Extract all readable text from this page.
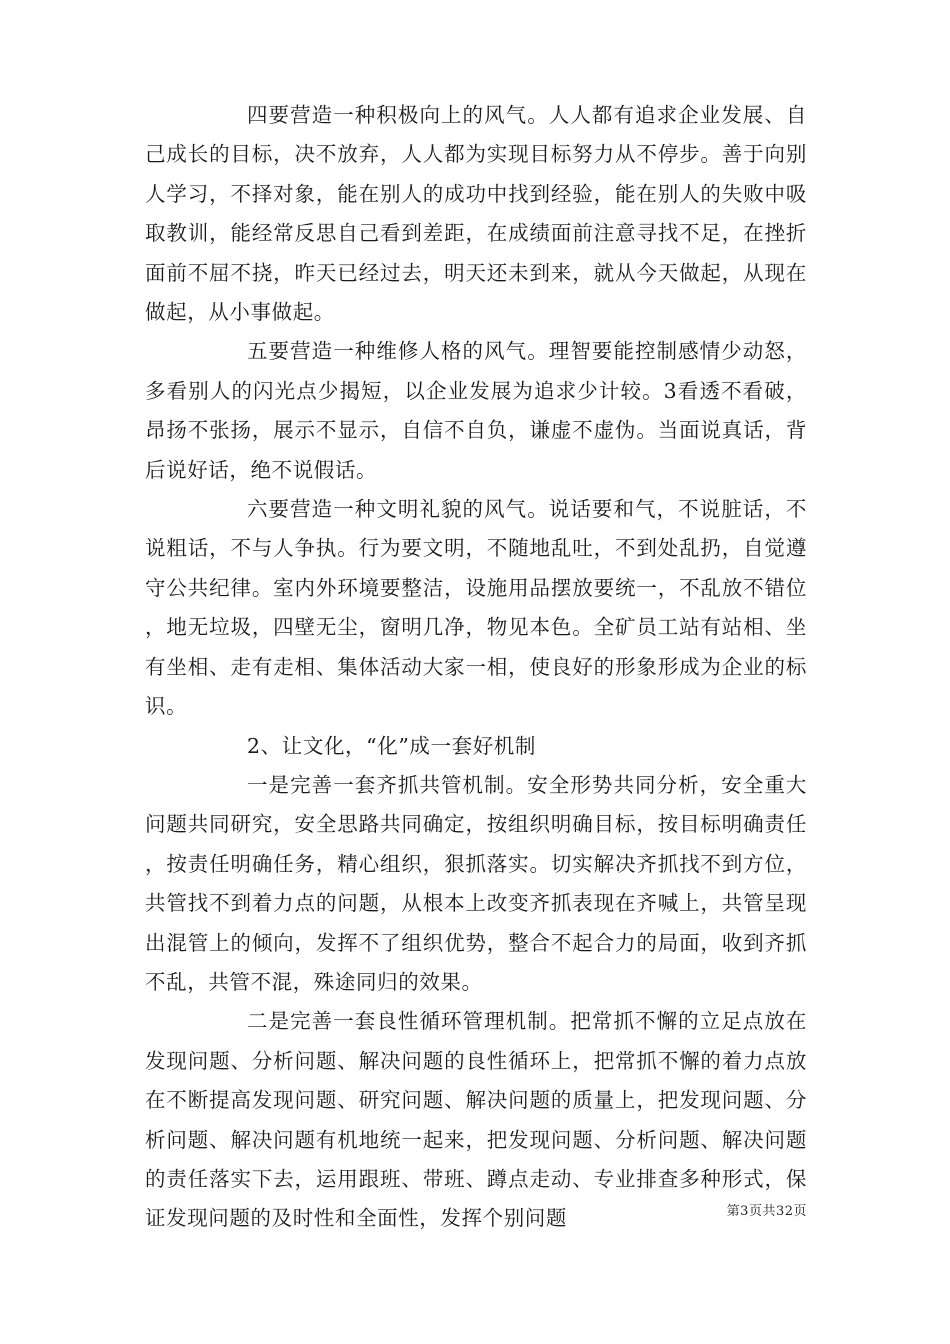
四要营造一种积极向上的风气。人人都有追求企业发展、自己成长的目标，决不放弃，人人都为实现目标努力从不停步。善于向别人学习，不择对象，能在别人的成功中找到经验，能在别人的失败中吸取教训，能经常反思自己看到差距，在成绩面前注意寻找不足，在挫折面前不屈不挠，昨天已经过去，明天还未到来，就从今天做起，从现在做起，从小事做起。

五要营造一种维修人格的风气。理智要能控制感情少动怒，多看别人的闪光点少揭短，以企业发展为追求少计较。3看透不看破，昂扬不张扬，展示不显示，自信不自负，谦虚不虚伪。当面说真话，背后说好话，绝不说假话。

六要营造一种文明礼貌的风气。说话要和气，不说脏话，不说粗话，不与人争执。行为要文明，不随地乱吐，不到处乱扔，自觉遵守公共纪律。室内外环境要整洁，设施用品摆放要统一，不乱放不错位，地无垃圾，四壁无尘，窗明几净，物见本色。全矿员工站有站相、坐有坐相、走有走相、集体活动大家一相，使良好的形象形成为企业的标识。

2、让文化，“化”成一套好机制

一是完善一套齐抓共管机制。安全形势共同分析，安全重大问题共同研究，安全思路共同确定，按组织明确目标，按目标明确责任，按责任明确任务，精心组织，狠抓落实。切实解决齐抓找不到方位，共管找不到着力点的问题，从根本上改变齐抓表现在齐喊上，共管呈现出混管上的倾向，发挥不了组织优势，整合不起合力的局面，收到齐抓不乱，共管不混，殊途同归的效果。

二是完善一套良性循环管理机制。把常抓不懈的立足点放在发现问题、分析问题、解决问题的良性循环上，把常抓不懈的着力点放在不断提高发现问题、研究问题、解决问题的质量上，把发现问题、分析问题、解决问题有机地统一起来，把发现问题、分析问题、解决问题的责任落实下去，运用跟班、带班、蹲点走动、专业排查多种形式，保证发现问题的及时性和全面性，发挥个别问题	第3页共32页
